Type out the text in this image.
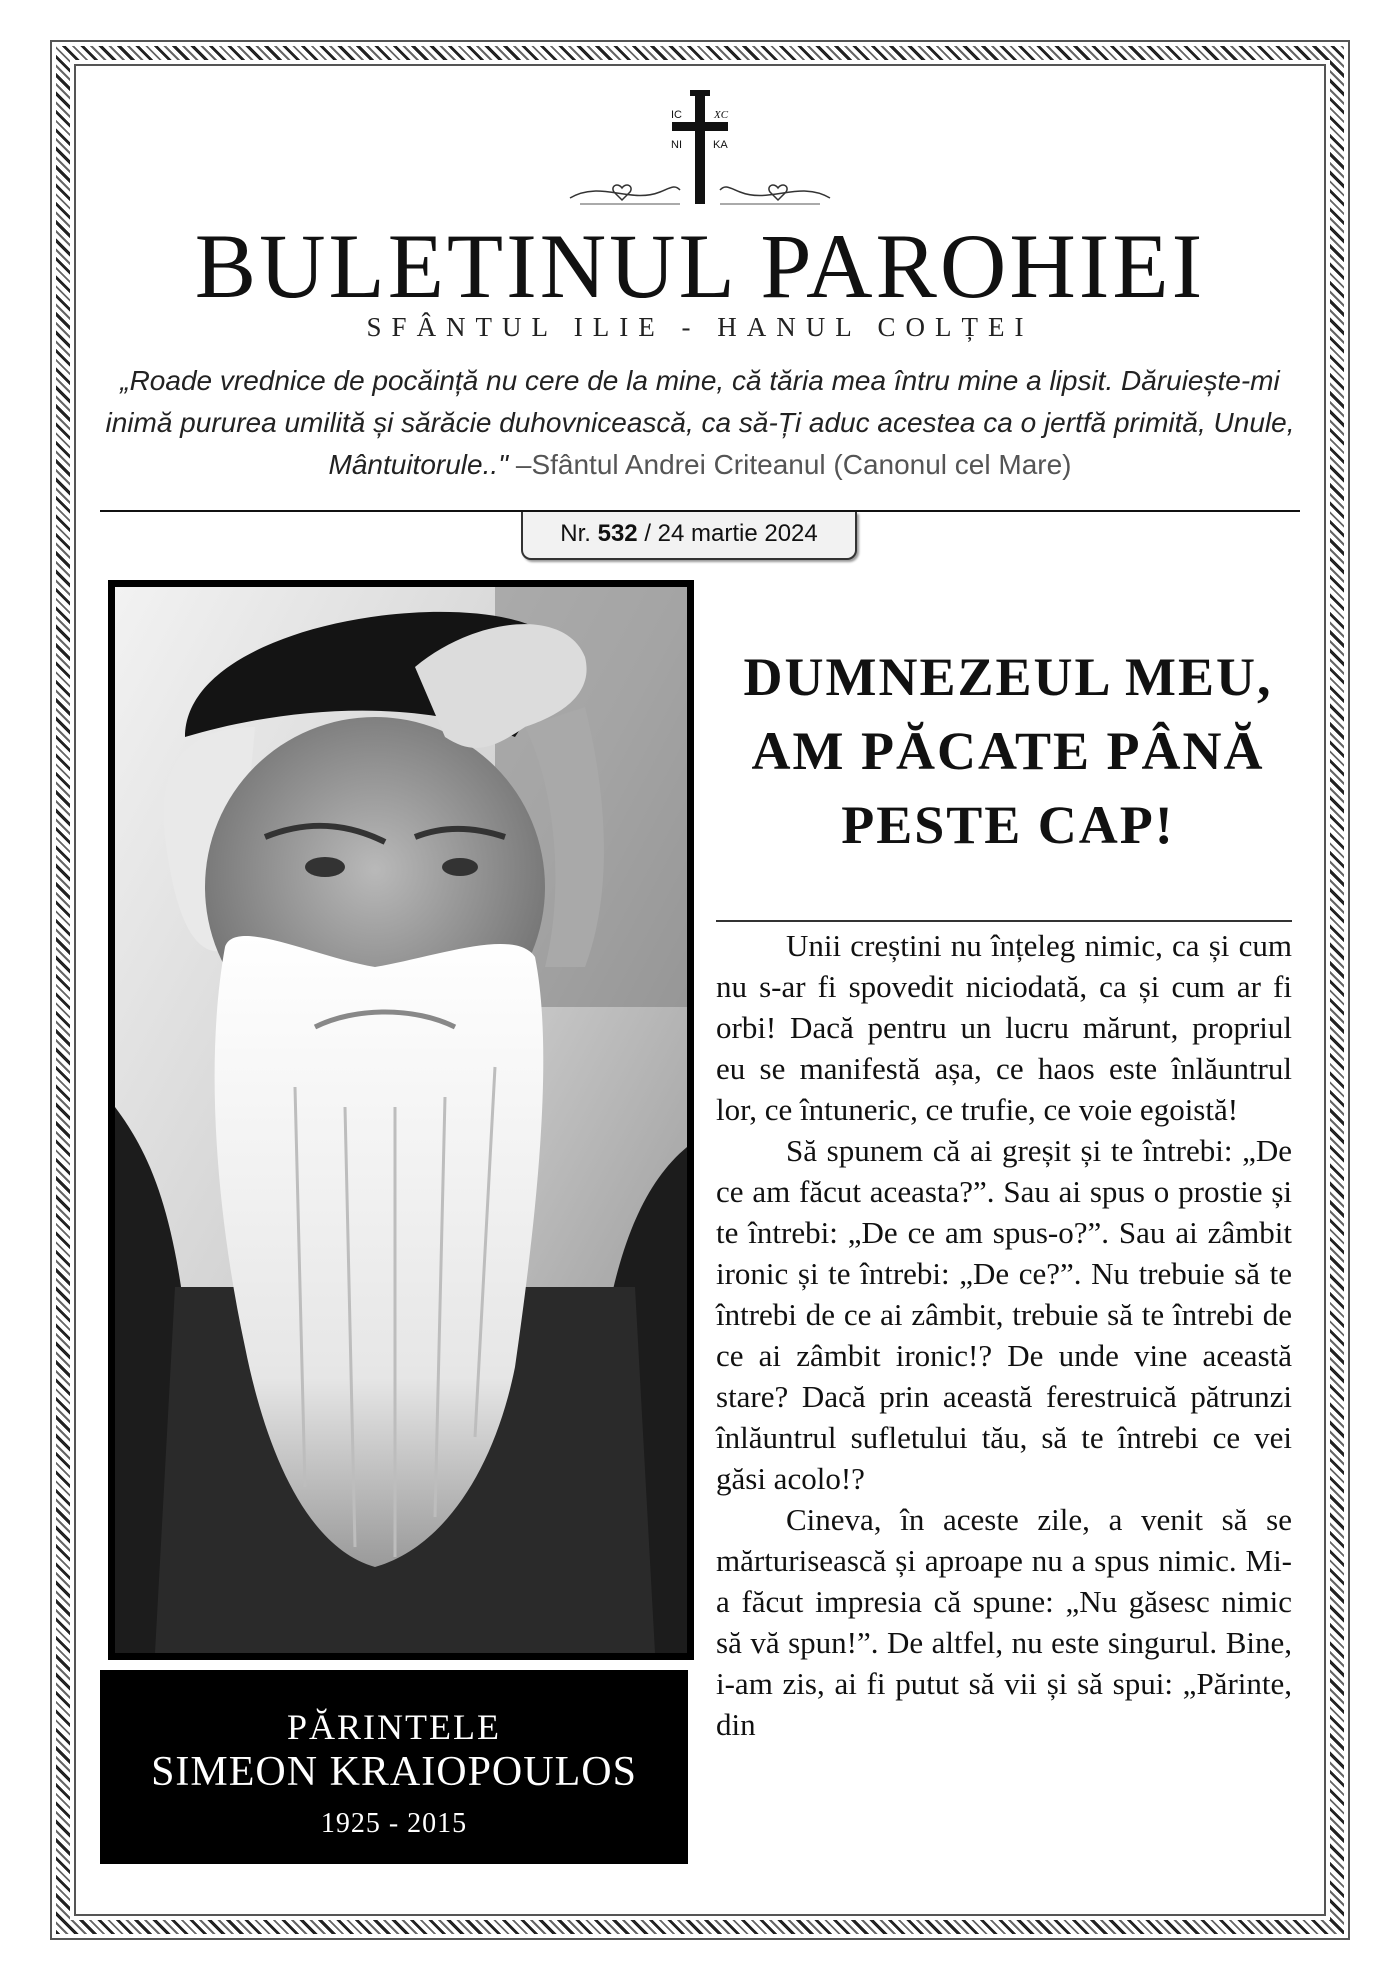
IC	XC
NI	KA
BULETINUL PAROHIEI
SFÂNTUL ILIE - HANUL COLȚEI
„Roade vrednice de pocăință nu cere de la mine, că tăria mea întru mine a lipsit. Dăruiește-mi inimă pururea umilită și sărăcie duhovnicească, ca să-Ți aduc acestea ca o jertfă primită, Unule, Mântuitorule.." –Sfântul Andrei Criteanul (Canonul cel Mare)
Nr. 532 / 24 martie 2024
PĂRINTELE
SIMEON KRAIOPOULOS
1925 - 2015
DUMNEZEUL MEU,
AM PĂCATE PÂNĂ
PESTE CAP!

Unii creștini nu înțeleg nimic, ca și cum nu s-ar fi spovedit niciodată, ca și cum ar fi orbi! Dacă pentru un lucru mărunt, propriul eu se manifestă așa, ce haos este înlăuntrul lor, ce întuneric, ce trufie, ce voie egoistă!

Să spunem că ai greșit și te întrebi: „De ce am făcut aceasta?”. Sau ai spus o prostie și te întrebi: „De ce am spus-o?”. Sau ai zâmbit ironic și te întrebi: „De ce?”. Nu trebuie să te întrebi de ce ai zâmbit, trebuie să te întrebi de ce ai zâmbit ironic!? De unde vine această stare? Dacă prin această ferestruică pătrunzi înlăuntrul sufletului tău, să te întrebi ce vei găsi acolo!?

Cineva, în aceste zile, a venit să se mărturisească și aproape nu a spus nimic. Mi-a făcut impresia că spune: „Nu găsesc nimic să vă spun!”. De altfel, nu este singurul. Bine, i-am zis, ai fi putut să vii și să spui: „Părinte, din
